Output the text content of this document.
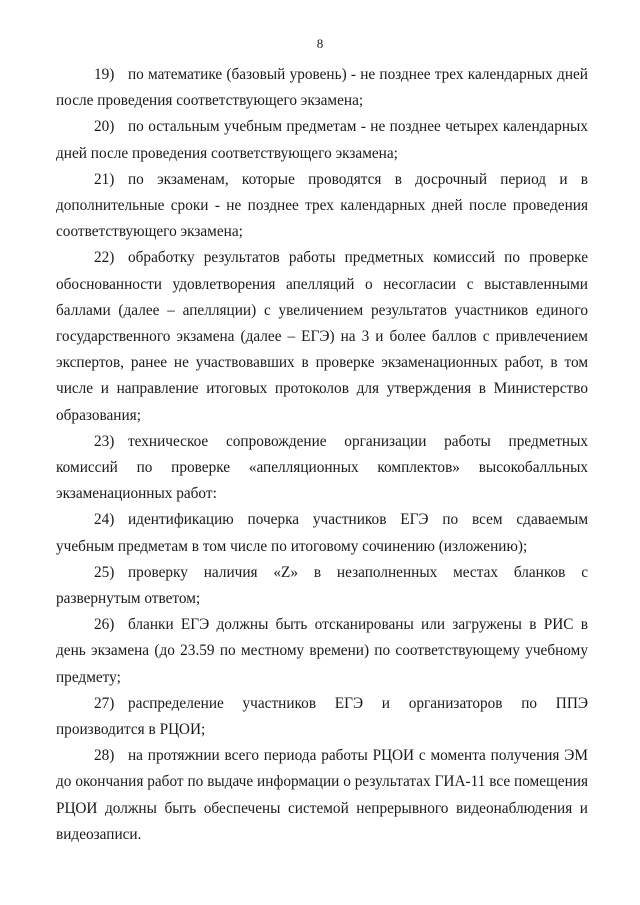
8

19) по математике (базовый уровень) - не позднее трех календарных дней после проведения соответствующего экзамена;

20) по остальным учебным предметам - не позднее четырех календарных дней после проведения соответствующего экзамена;

21) по экзаменам, которые проводятся в досрочный период и в дополнительные сроки - не позднее трех календарных дней после проведения соответствующего экзамена;

22) обработку результатов работы предметных комиссий по проверке обоснованности удовлетворения апелляций о несогласии с выставленными баллами (далее – апелляции) с увеличением результатов участников единого государственного экзамена (далее – ЕГЭ) на 3 и более баллов с привлечением экспертов, ранее не участвовавших в проверке экзаменационных работ, в том числе и направление итоговых протоколов для утверждения в Министерство образования;

23) техническое сопровождение организации работы предметных комиссий по проверке «апелляционных комплектов» высокобалльных экзаменационных работ:

24) идентификацию почерка участников ЕГЭ по всем сдаваемым учебным предметам в том числе по итоговому сочинению (изложению);

25) проверку наличия «Z» в незаполненных местах бланков с развернутым ответом;

26) бланки ЕГЭ должны быть отсканированы или загружены в РИС в день экзамена (до 23.59 по местному времени) по соответствующему учебному предмету;

27) распределение участников ЕГЭ и организаторов по ППЭ производится в РЦОИ;

28) на протяжнии всего периода работы РЦОИ с момента получения ЭМ до окончания работ по выдаче информации о результатах ГИА-11 все помещения РЦОИ должны быть обеспечены системой непрерывного видеонаблюдения и видеозаписи.
